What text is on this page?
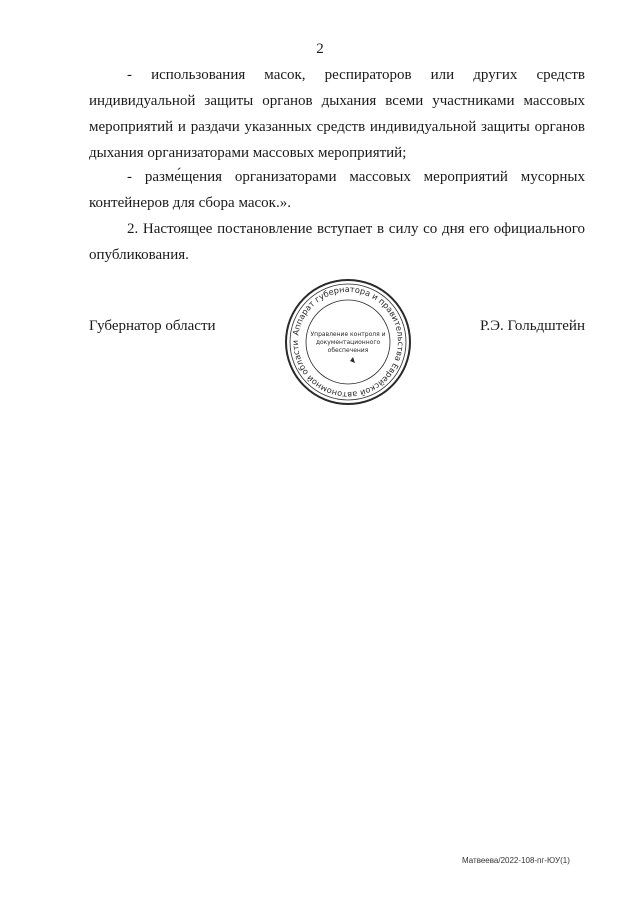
2

- использования масок, респираторов или других средств индивидуальной защиты органов дыхания всеми участниками массовых мероприятий и раздачи указанных средств индивидуальной защиты органов дыхания организаторами массовых мероприятий;

- разме́щения организаторами массовых мероприятий мусорных контейнеров для сбора масок.».

2. Настоящее постановление вступает в силу со дня его официального опубликования.

Губернатор области	Р.Э. Гольдштейн
Аппарат губернатора и правительства Еврейской автономной области
Управление контроля и
документационного
обеспечения
Матвеева/2022-108-пг-ЮУ(1)
